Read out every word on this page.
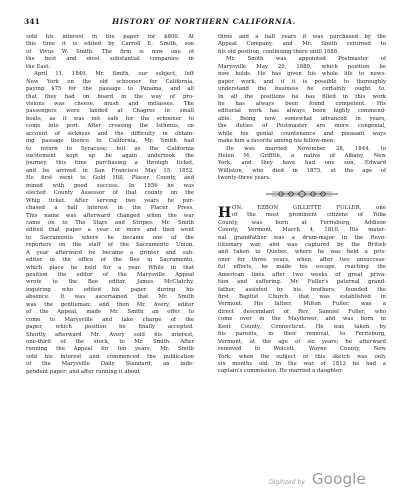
341	HISTORY OF NORTHERN CALIFORNIA.
sold his interest in the paper for $800. At
this time it is edited by Carroll E. Smith, son
of Vivus W. Smith. The firm is now one of
the best and most substantial companies in
the East.
April 11, 1849, Mr. Smith, our subject, left
New York on the old schooner for California,
paying $75 for the passage to Panama, and all
that they had on board in the way of pro-
visions was cheese, mush and molasses. The
passengers were landed at Chagres in small
boats, as it was not safe for the schooner to
come into port. After crossing the Isthmus, on
account of sickness and the difficulty in obtain-
ing passage thence to California, Mr. Smith had
to return to Syracuse; but as the California
excitement kept up he again undertook the
journey, this time purchasing a through ticket,
and he arrived in San Francisco May 15, 1852.
He first went to Gold Hill, Placer County, and
mined with good success. In 1856 he was
elected County Assessor of that county on the
Whig ticket. After serving two years he pur-
chased a half interest in the Placer Press.
This name was afterward changed when the war
came on to The Stars and Stripes. Mr. Smith
edited that paper a year or more and then went
to Sacramento where he became one of the
reporters on the staff of the Sacramento Union.
A year afterward he became a printer and sub-
editor in the office of the Bee in Sacramento,
which place he held for a year. While in that
position the editor of the Marysville Appeal
wrote to the Bee editor, James McClatchy,
inquiring who edited his paper during his
absence. It was ascertained that Mr. Smith
was the gentleman; and then Mr. Avery, editor
of the Appeal, made Mr. Smith an offer to
come to Marysville and take charge of the
paper, which position he finally accepted.
Shortly afterward Mr. Avery sold his interest,
one-third of the stock, to Mr. Smith. After
running the Appeal for ten years, Mr. Smith
sold his interest and commenced the publication
of the Marysville Daily Standard, an inde-
pendent paper; and after running it about
three and a half years it was purchased by the
Appeal Company, and Mr. Smith returned to
his old position, continuing there until 1888.
Mr. Smith was appointed Postmaster of
Marysville May 20, 1889, which position he
now holds. He has given his whole life to news-
paper work, and if it is possible to thoroughly
understand the business he certainly ought to.
In all the positions he has filled in this work
he has always been found competent. His
editorial work has always been highly commend-
able. Being now somewhat advanced in years,
the duties of Postmaster are more congenial,
while his genial countenance and pleasant ways
make him a favorite among his fellow-men.
He was married November 28, 1844, to
Helen M. Griffith, a native of Albany, New
York, and they have had one son, Edward
Williston, who died in 1875, at the age of
twenty-three years.
H ON. EZBON GILLETTE FULLER, one
of the most prominent citizens of Yuba
County, was born at Ferrisburg, Addison
County, Vermont, March 4, 1810. His mater-
nal grandfather was a drum-major in the Revo-
lutionary war, and was captured by the British
and taken to Quebec, where he was held a pris-
oner for three years, when, after two unsuccess-
ful efforts, he made his escape, reaching the
American lines after two weeks of great priva-
tion and suffering. Mr. Fuller's paternal grand-
father, assisted by his brothers, founded the
first Baptist Church that was established in
Vermont. His father, Milton Fuller, was a
direct descendant of Rev. Samuel Fuller, who
come over in the Mayflower, and was born in
Kent County, Connecticut. He was taken by
his parents, in their removal, to Ferrisburg,
Vermont, at the age of six years; he afterward
removed to Wolcott, Wayne County, New
York, when the subject of this sketch was only
six months old. In the war of 1812 he had a
captain's commission. He married a daughter
Digitized by Google
